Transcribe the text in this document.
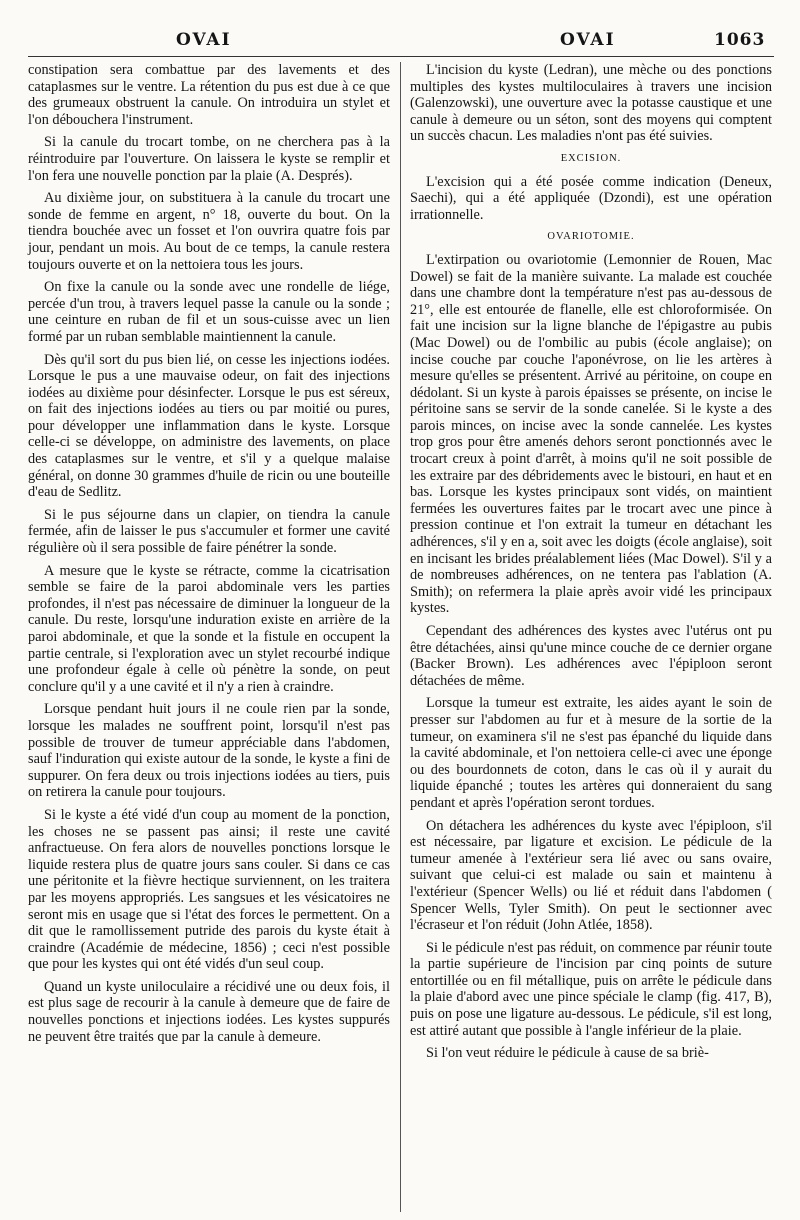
OVAI	OVAI	1063

constipation sera combattue par des lavements et des cataplasmes sur le ventre. La rétention du pus est due à ce que des grumeaux obstruent la canule. On introduira un stylet et l'on débouchera l'instrument.

Si la canule du trocart tombe, on ne cherchera pas à la réintroduire par l'ouverture. On laissera le kyste se remplir et l'on fera une nouvelle ponction par la plaie (A. Després).

Au dixième jour, on substituera à la canule du trocart une sonde de femme en argent, n° 18, ouverte du bout. On la tiendra bouchée avec un fosset et l'on ouvrira quatre fois par jour, pendant un mois. Au bout de ce temps, la canule restera toujours ouverte et on la nettoiera tous les jours.

On fixe la canule ou la sonde avec une rondelle de liége, percée d'un trou, à travers lequel passe la canule ou la sonde ; une ceinture en ruban de fil et un sous-cuisse avec un lien formé par un ruban semblable maintiennent la canule.

Dès qu'il sort du pus bien lié, on cesse les injections iodées. Lorsque le pus a une mauvaise odeur, on fait des injections iodées au dixième pour désinfecter. Lorsque le pus est séreux, on fait des injections iodées au tiers ou par moitié ou pures, pour développer une inflammation dans le kyste. Lorsque celle-ci se développe, on administre des lavements, on place des cataplasmes sur le ventre, et s'il y a quelque malaise général, on donne 30 grammes d'huile de ricin ou une bouteille d'eau de Sedlitz.

Si le pus séjourne dans un clapier, on tiendra la canule fermée, afin de laisser le pus s'accumuler et former une cavité régulière où il sera possible de faire pénétrer la sonde.

A mesure que le kyste se rétracte, comme la cicatrisation semble se faire de la paroi abdominale vers les parties profondes, il n'est pas nécessaire de diminuer la longueur de la canule. Du reste, lorsqu'une induration existe en arrière de la paroi abdominale, et que la sonde et la fistule en occupent la partie centrale, si l'exploration avec un stylet recourbé indique une profondeur égale à celle où pénètre la sonde, on peut conclure qu'il y a une cavité et il n'y a rien à craindre.

Lorsque pendant huit jours il ne coule rien par la sonde, lorsque les malades ne souffrent point, lorsqu'il n'est pas possible de trouver de tumeur appréciable dans l'abdomen, sauf l'induration qui existe autour de la sonde, le kyste a fini de suppurer. On fera deux ou trois injections iodées au tiers, puis on retirera la canule pour toujours.

Si le kyste a été vidé d'un coup au moment de la ponction, les choses ne se passent pas ainsi; il reste une cavité anfractueuse. On fera alors de nouvelles ponctions lorsque le liquide restera plus de quatre jours sans couler. Si dans ce cas une péritonite et la fièvre hectique surviennent, on les traitera par les moyens appropriés. Les sangsues et les vésicatoires ne seront mis en usage que si l'état des forces le permettent. On a dit que le ramollissement putride des parois du kyste était à craindre (Académie de médecine, 1856) ; ceci n'est possible que pour les kystes qui ont été vidés d'un seul coup.

Quand un kyste uniloculaire a récidivé une ou deux fois, il est plus sage de recourir à la canule à demeure que de faire de nouvelles ponctions et injections iodées. Les kystes suppurés ne peuvent être traités que par la canule à demeure.

L'incision du kyste (Ledran), une mèche ou des ponctions multiples des kystes multiloculaires à travers une incision (Galenzowski), une ouverture avec la potasse caustique et une canule à demeure ou un séton, sont des moyens qui comptent un succès chacun. Les maladies n'ont pas été suivies.

EXCISION.

L'excision qui a été posée comme indication (Deneux, Saechi), qui a été appliquée (Dzondi), est une opération irrationnelle.

OVARIOTOMIE.

L'extirpation ou ovariotomie (Lemonnier de Rouen, Mac Dowel) se fait de la manière suivante. La malade est couchée dans une chambre dont la température n'est pas au-dessous de 21°, elle est entourée de flanelle, elle est chloroformisée. On fait une incision sur la ligne blanche de l'épigastre au pubis (Mac Dowel) ou de l'ombilic au pubis (école anglaise); on incise couche par couche l'aponévrose, on lie les artères à mesure qu'elles se présentent. Arrivé au péritoine, on coupe en dédolant. Si un kyste à parois épaisses se présente, on incise le péritoine sans se servir de la sonde canelée. Si le kyste a des parois minces, on incise avec la sonde cannelée. Les kystes trop gros pour être amenés dehors seront ponctionnés avec le trocart creux à point d'arrêt, à moins qu'il ne soit possible de les extraire par des débridements avec le bistouri, en haut et en bas. Lorsque les kystes principaux sont vidés, on maintient fermées les ouvertures faites par le trocart avec une pince à pression continue et l'on extrait la tumeur en détachant les adhérences, s'il y en a, soit avec les doigts (école anglaise), soit en incisant les brides préalablement liées (Mac Dowel). S'il y a de nombreuses adhérences, on ne tentera pas l'ablation (A. Smith); on refermera la plaie après avoir vidé les principaux kystes.

Cependant des adhérences des kystes avec l'utérus ont pu être détachées, ainsi qu'une mince couche de ce dernier organe (Backer Brown). Les adhérences avec l'épiploon seront détachées de même.

Lorsque la tumeur est extraite, les aides ayant le soin de presser sur l'abdomen au fur et à mesure de la sortie de la tumeur, on examinera s'il ne s'est pas épanché du liquide dans la cavité abdominale, et l'on nettoiera celle-ci avec une éponge ou des bourdonnets de coton, dans le cas où il y aurait du liquide épanché ; toutes les artères qui donneraient du sang pendant et après l'opération seront tordues.

On détachera les adhérences du kyste avec l'épiploon, s'il est nécessaire, par ligature et excision. Le pédicule de la tumeur amenée à l'extérieur sera lié avec ou sans ovaire, suivant que celui-ci est malade ou sain et maintenu à l'extérieur (Spencer Wells) ou lié et réduit dans l'abdomen ( Spencer Wells, Tyler Smith). On peut le sectionner avec l'écraseur et l'on réduit (John Atlée, 1858).

Si le pédicule n'est pas réduit, on commence par réunir toute la partie supérieure de l'incision par cinq points de suture entortillée ou en fil métallique, puis on arrête le pédicule dans la plaie d'abord avec une pince spéciale le clamp (fig. 417, B), puis on pose une ligature au-dessous. Le pédicule, s'il est long, est attiré autant que possible à l'angle inférieur de la plaie.

Si l'on veut réduire le pédicule à cause de sa briè-
